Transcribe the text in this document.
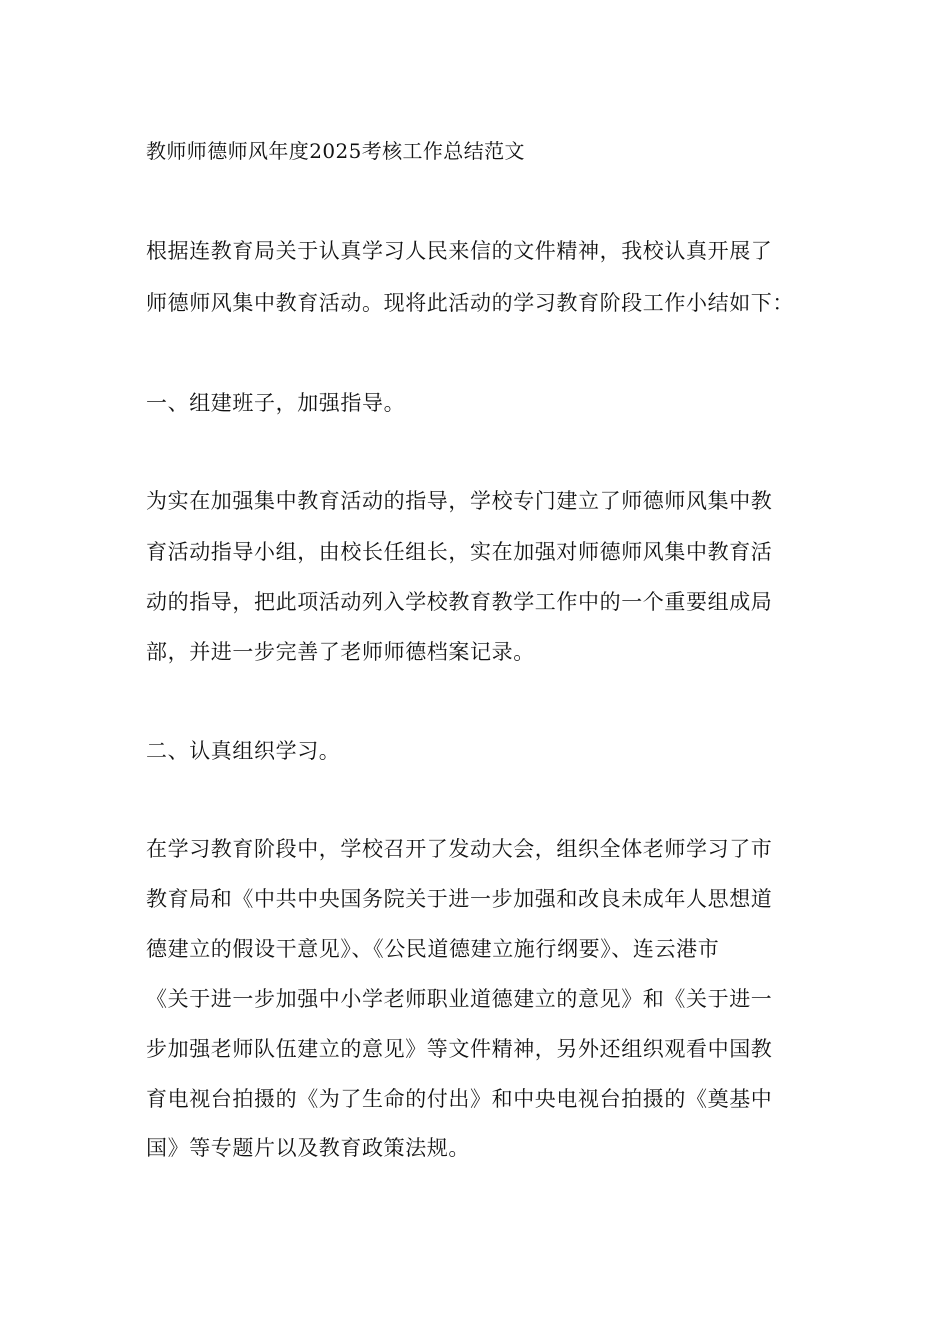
教师师德师风年度2025考核工作总结范文
根据连教育局关于认真学习人民来信的文件精神，我校认真开展了
师德师风集中教育活动。现将此活动的学习教育阶段工作小结如下：
一、组建班子，加强指导。
为实在加强集中教育活动的指导，学校专门建立了师德师风集中教
育活动指导小组，由校长任组长，实在加强对师德师风集中教育活
动的指导，把此项活动列入学校教育教学工作中的一个重要组成局
部，并进一步完善了老师师德档案记录。
二、认真组织学习。
在学习教育阶段中，学校召开了发动大会，组织全体老师学习了市
教育局和《中共中央国务院关于进一步加强和改良未成年人思想道
德建立的假设干意见》、《公民道德建立施行纲要》、连云港市
《关于进一步加强中小学老师职业道德建立的意见》和《关于进一
步加强老师队伍建立的意见》等文件精神，另外还组织观看中国教
育电视台拍摄的《为了生命的付出》和中央电视台拍摄的《奠基中
国》等专题片以及教育政策法规。
